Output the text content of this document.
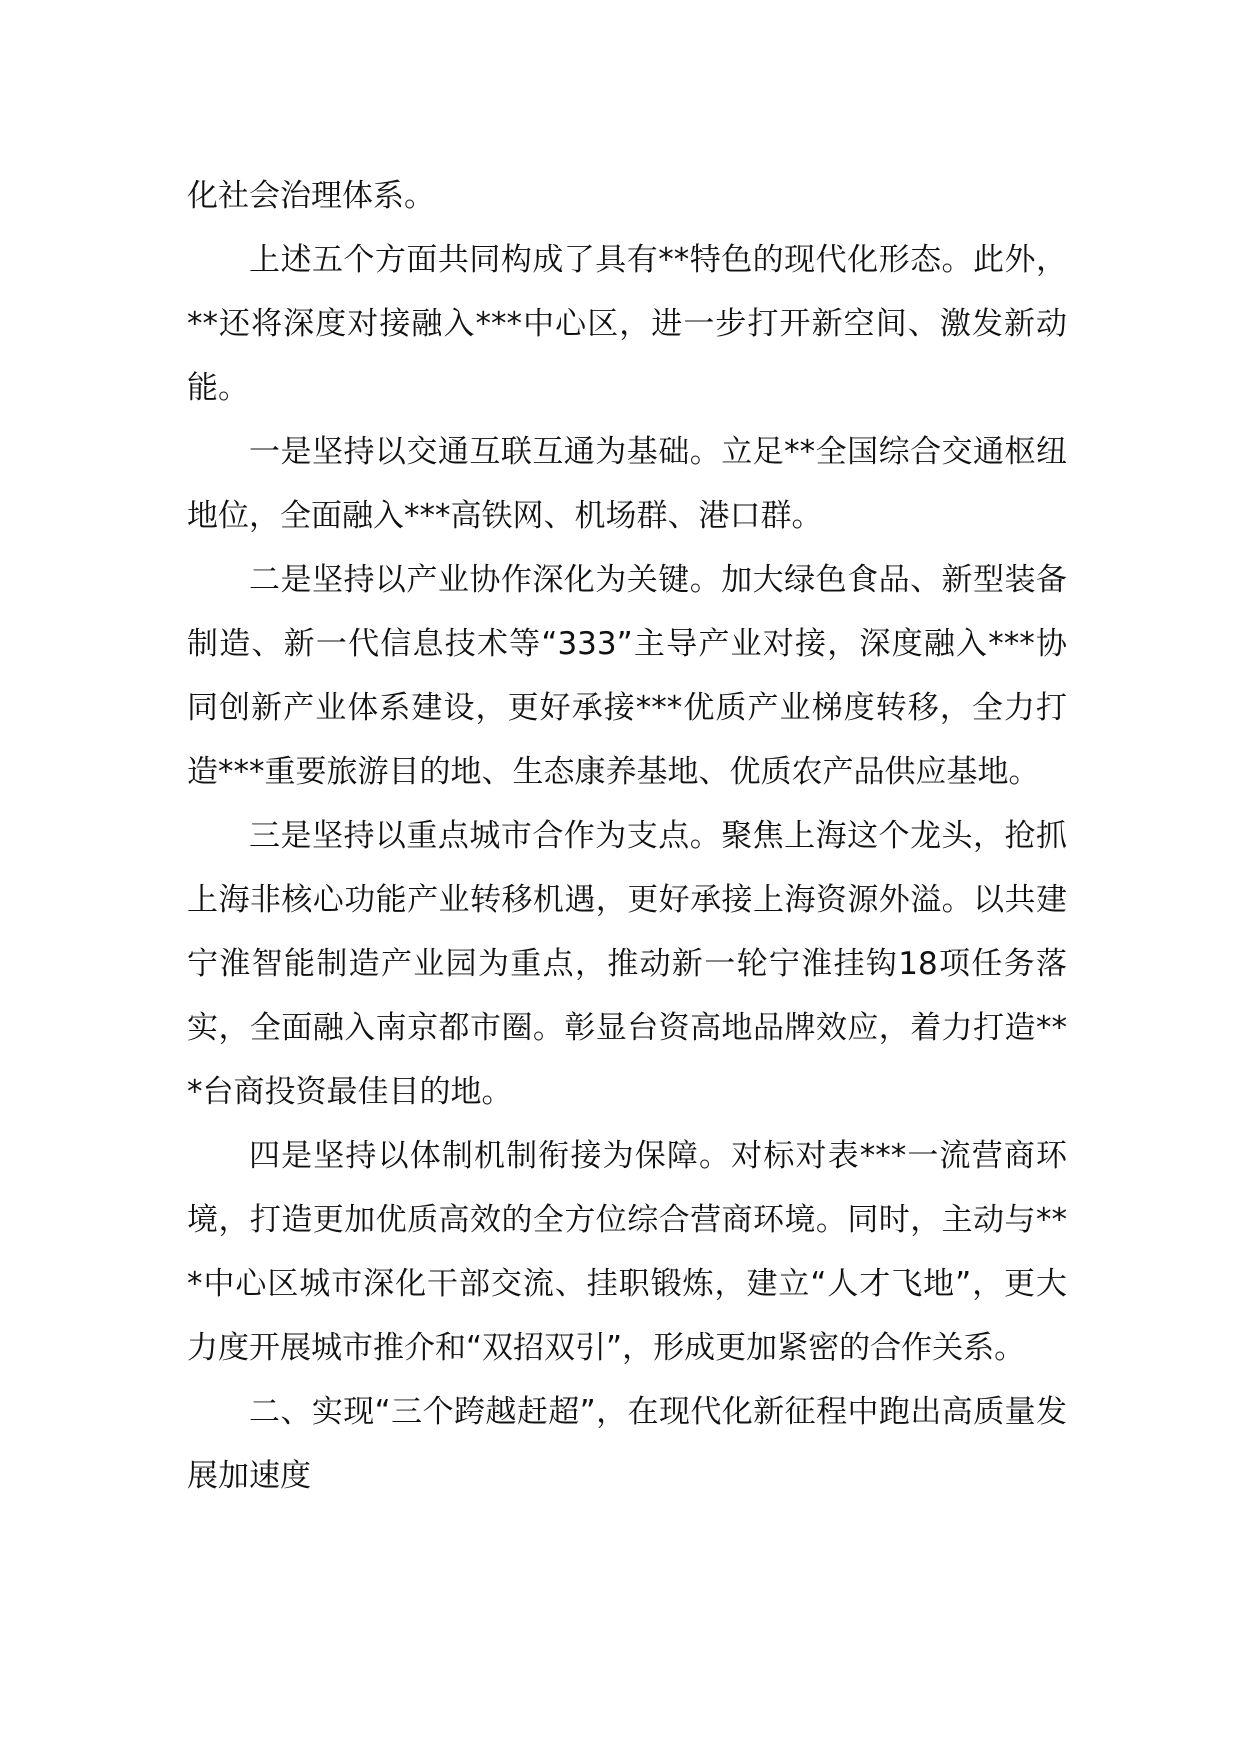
化社会治理体系。

上述五个方面共同构成了具有**特色的现代化形态。此外，**还将深度对接融入***中心区，进一步打开新空间、激发新动能。

一是坚持以交通互联互通为基础。立足**全国综合交通枢纽地位，全面融入***高铁网、机场群、港口群。

二是坚持以产业协作深化为关键。加大绿色食品、新型装备制造、新一代信息技术等“333”主导产业对接，深度融入***协同创新产业体系建设，更好承接***优质产业梯度转移，全力打造***重要旅游目的地、生态康养基地、优质农产品供应基地。

三是坚持以重点城市合作为支点。聚焦上海这个龙头，抢抓上海非核心功能产业转移机遇，更好承接上海资源外溢。以共建宁淮智能制造产业园为重点，推动新一轮宁淮挂钩18项任务落实，全面融入南京都市圈。彰显台资高地品牌效应，着力打造***台商投资最佳目的地。

四是坚持以体制机制衔接为保障。对标对表***一流营商环境，打造更加优质高效的全方位综合营商环境。同时，主动与***中心区城市深化干部交流、挂职锻炼，建立“人才飞地”，更大力度开展城市推介和“双招双引”，形成更加紧密的合作关系。

二、实现“三个跨越赶超”，在现代化新征程中跑出高质量发展加速度
